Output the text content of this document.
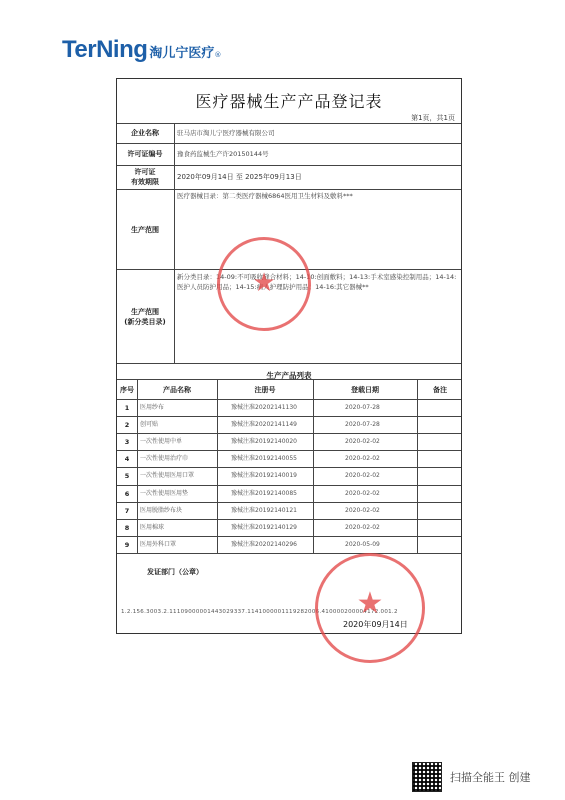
TerNing 淘儿宁医疗 ®
医疗器械生产产品登记表
第1页，共1页
企业名称	驻马店市淘儿宁医疗器械有限公司
许可证编号	豫食药监械生产许20150144号
许可证
有效期限
2020年09月14日 至 2025年09月13日
生产范围
医疗器械目录：第二类医疗器械6864医用卫生材料及敷料***
生产范围
(新分类目录)
新分类目录：14-09:不可吸收缝合材料；14-10:创面敷料；14-13:手术室感染控制用品；14-14:医护人员防护用品；14-15:病人护理防护用品；14-16:其它器械**
生产产品列表
序号	产品名称	注册号	登载日期	备注
1	医用纱布	豫械注准20202141130	2020-07-28
2	创可贴	豫械注准20202141149	2020-07-28
3	一次性使用中单	豫械注准20192140020	2020-02-02
4	一次性使用治疗巾	豫械注准20192140055	2020-02-02
5	一次性使用医用口罩	豫械注准20192140019	2020-02-02
6	一次性使用医用垫	豫械注准20192140085	2020-02-02
7	医用脱脂纱布块	豫械注准20192140121	2020-02-02
8	医用棉球	豫械注准20192140129	2020-02-02
9	医用外科口罩	豫械注准20202140296	2020-05-09
发证部门（公章）
1.2.156.3003.2.11109000001443029337.1141000001119282006.410000200004172.001.2
2020年09月14日
★
★
扫描全能王 创建
